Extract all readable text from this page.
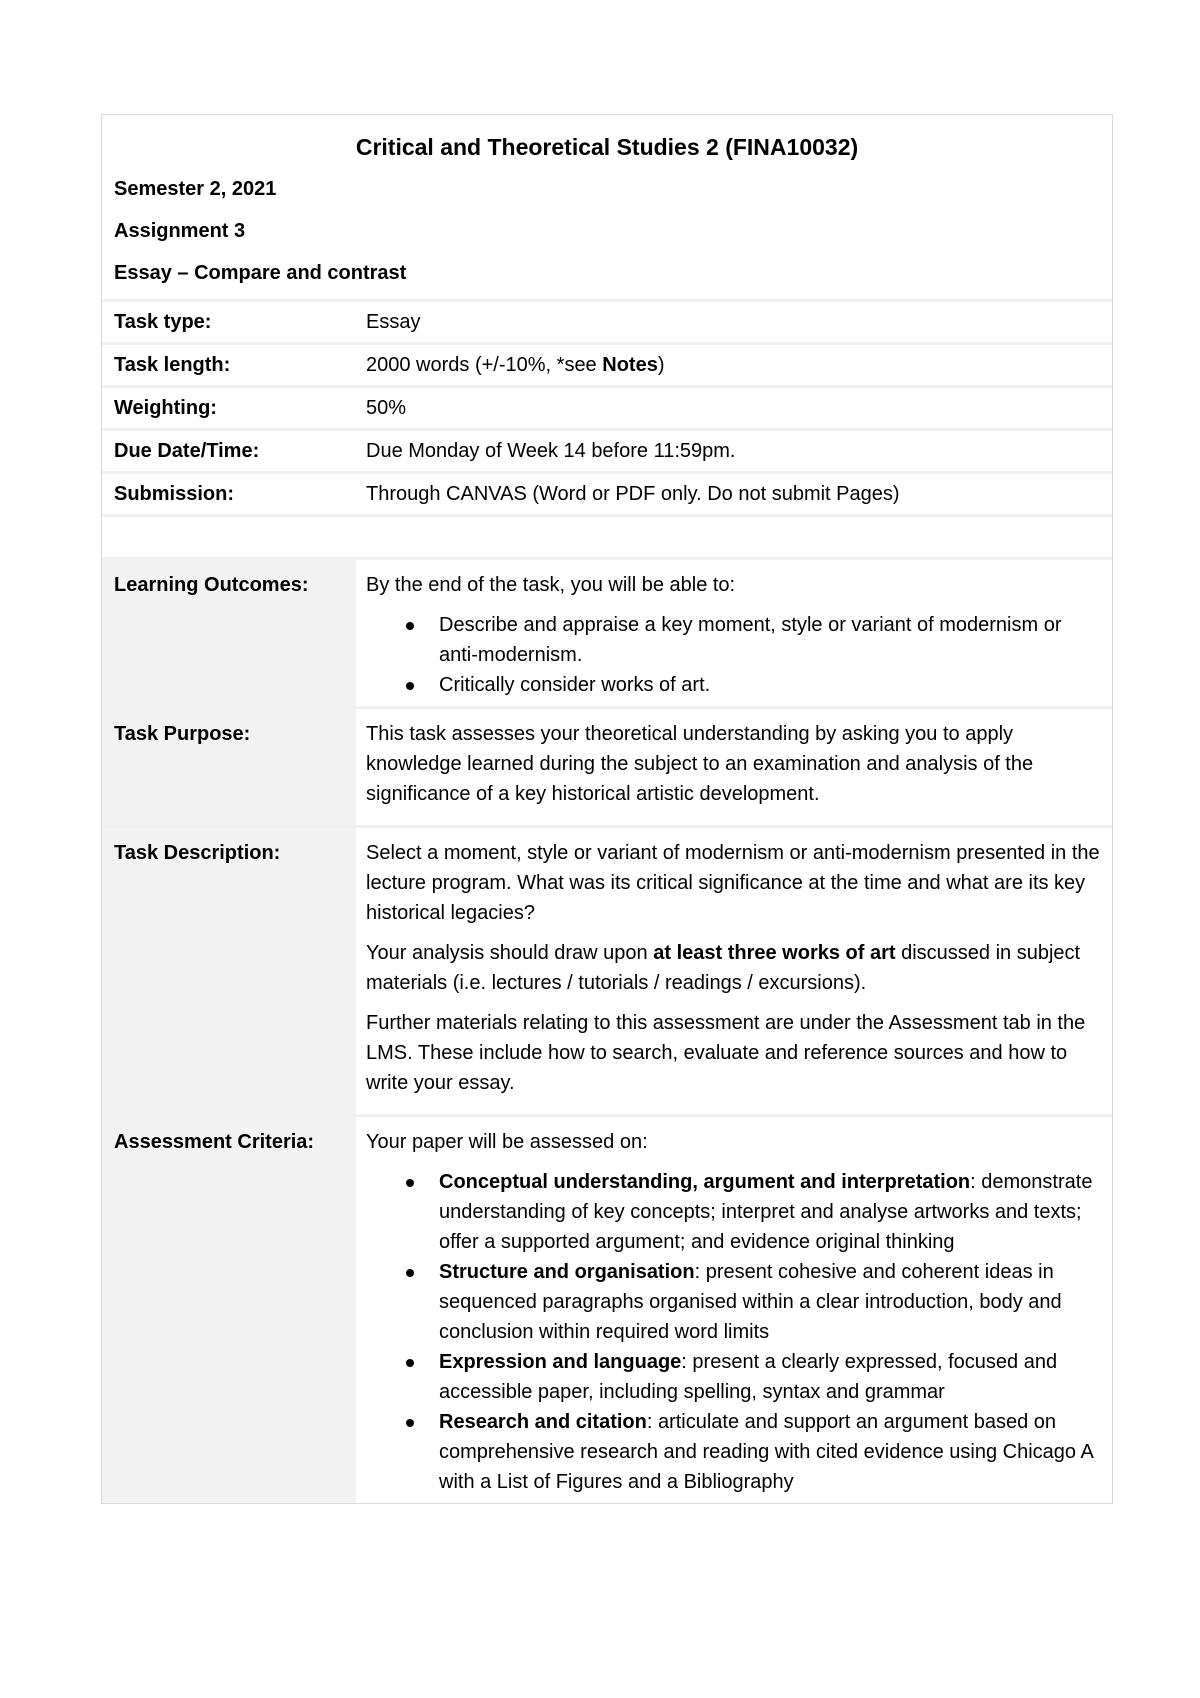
Critical and Theoretical Studies 2 (FINA10032)
Semester 2, 2021
Assignment 3
Essay – Compare and contrast
Task type:	Essay
Task length:	2000 words (+/-10%, *see Notes)
Weighting:	50%
Due Date/Time:	Due Monday of Week 14 before 11:59pm.
Submission:	Through CANVAS (Word or PDF only. Do not submit Pages)
Learning Outcomes:	By the end of the task, you will be able to:

Describe and appraise a key moment, style or variant of modernism or anti-modernism.
Critically consider works of art.
Task Purpose:	This task assesses your theoretical understanding by asking you to apply knowledge learned during the subject to an examination and analysis of the significance of a key historical artistic development.

Task Description:	Select a moment, style or variant of modernism or anti-modernism presented in the lecture program. What was its critical significance at the time and what are its key historical legacies?

Your analysis should draw upon at least three works of art discussed in subject materials (i.e. lectures / tutorials / readings / excursions).

Further materials relating to this assessment are under the Assessment tab in the LMS. These include how to search, evaluate and reference sources and how to write your essay.

Assessment Criteria:	Your paper will be assessed on:

Conceptual understanding, argument and interpretation: demonstrate understanding of key concepts; interpret and analyse artworks and texts; offer a supported argument; and evidence original thinking
Structure and organisation: present cohesive and coherent ideas in sequenced paragraphs organised within a clear introduction, body and conclusion within required word limits
Expression and language: present a clearly expressed, focused and accessible paper, including spelling, syntax and grammar
Research and citation: articulate and support an argument based on comprehensive research and reading with cited evidence using Chicago A with a List of Figures and a Bibliography
